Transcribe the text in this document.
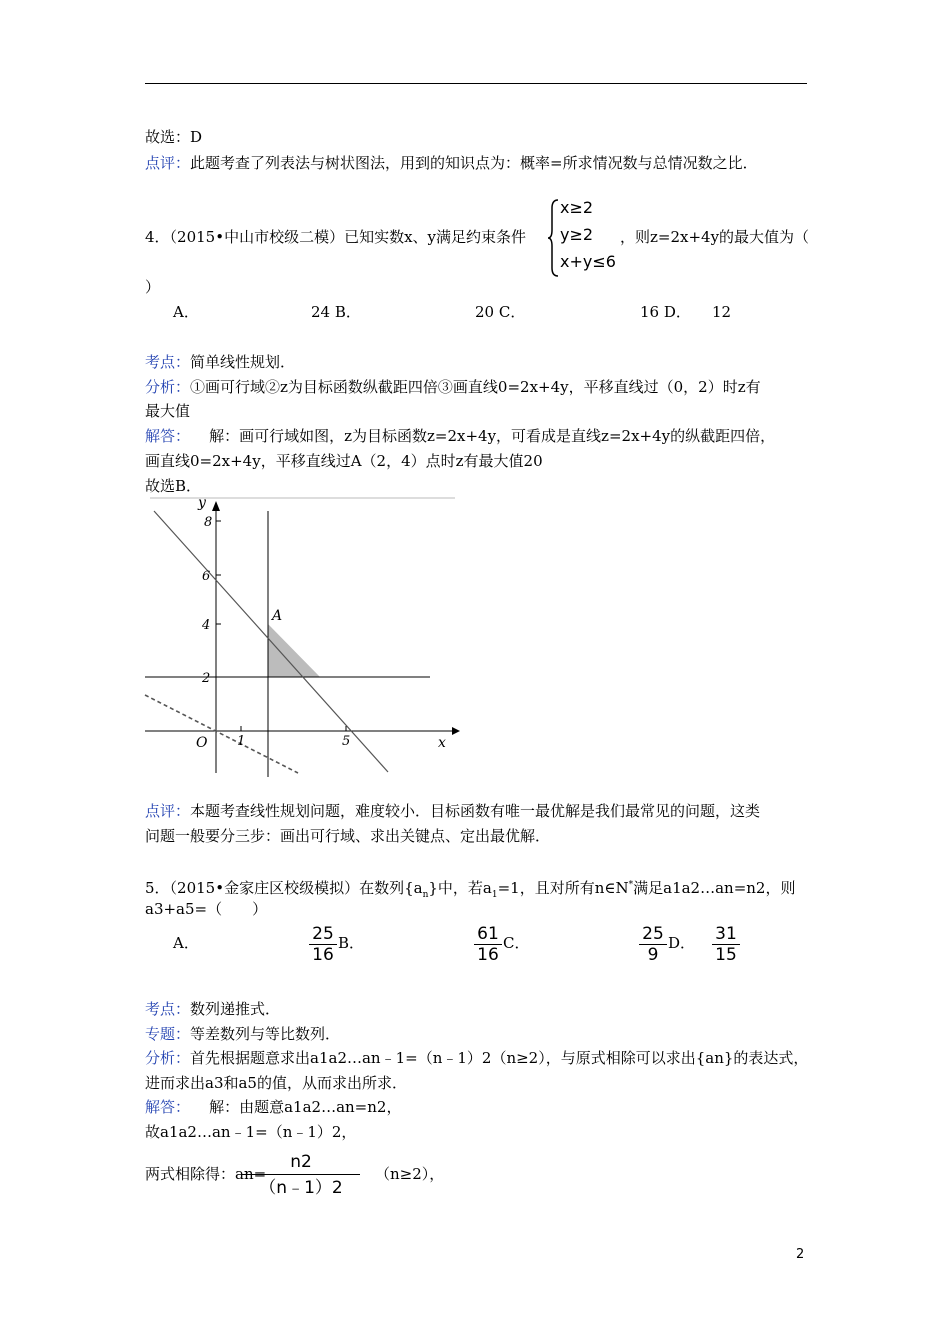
故选：D
点评：此题考查了列表法与树状图法，用到的知识点为：概率=所求情况数与总情况数之比．
4．（2015•中山市校级二模）已知实数x、y满足约束条件
x≥2
y≥2
x+y≤6
，则z=2x+4y的最大值为（
）
A．	24 B．	20 C．	16 D． 12
考点：简单线性规划．
分析：①画可行域②z为目标函数纵截距四倍③画直线0=2x+4y，平移直线过（0，2）时z有
最大值
解答： 解：画可行域如图，z为目标函数z=2x+4y，可看成是直线z=2x+4y的纵截距四倍，
画直线0=2x+4y，平移直线过A（2，4）点时z有最大值20
故选B．
y
x
O
8
6
4
2
1	5
A
点评：本题考查线性规划问题，难度较小．目标函数有唯一最优解是我们最常见的问题，这类
问题一般要分三步：画出可行域、求出关键点、定出最优解．
5．（2015•金家庄区校级模拟）在数列$\{a_n\}$中，若$a_1=1$，且对所有n∈N*满足a1a2…an=n2，则
a3+a5=（　　）
A．	$\frac{25}{16}$ B．	$\frac{61}{16}$ C．	$\frac{25}{9}$ D． $\frac{31}{15}$
考点：数列递推式．
专题：等差数列与等比数列．
分析：首先根据题意求出a1a2…an﹣1=（n﹣1）2（n≥2），与原式相除可以求出{an}的表达式，
进而求出a3和a5的值，从而求出所求．
解答： 解：由题意a1a2…an=n2，
故a1a2…an﹣1=（n﹣1）2，
两式相除得：an=
$\frac{n2}{(n﹣1)2} (n\ge 2)$，
2
